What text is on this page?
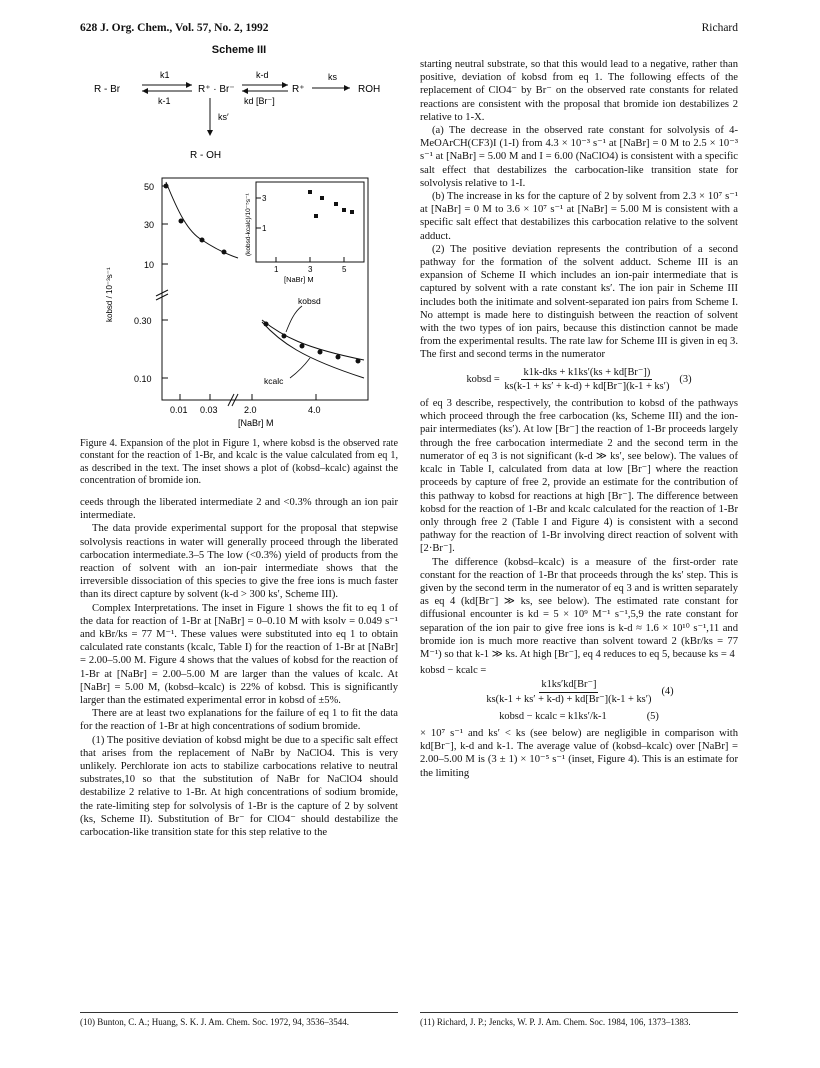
628 J. Org. Chem., Vol. 57, No. 2, 1992	Richard
Scheme III
R - Br
k1
k-1
R⁺ · Br⁻
k-d
kd [Br⁻]
R⁺
ks
ROH
ks′
R - OH
50
30
10
0.30
0.10
kobsd / 10⁻³s⁻¹
0.01 0.03	2.0	4.0
[NaBr] M
kobsd
kcalc
3
1
(kobsd-kcalc)/10⁻⁵s⁻¹
1	3	5
[NaBr] M
Figure 4. Expansion of the plot in Figure 1, where kobsd is the observed rate constant for the reaction of 1-Br, and kcalc is the value calculated from eq 1, as described in the text. The inset shows a plot of (kobsd–kcalc) against the concentration of bromide ion.

ceeds through the liberated intermediate 2 and <0.3% through an ion pair intermediate.

The data provide experimental support for the proposal that stepwise solvolysis reactions in water will generally proceed through the liberated carbocation intermediate.3–5 The low (<0.3%) yield of products from the reaction of solvent with an ion-pair intermediate shows that the irreversible dissociation of this species to give the free ions is much faster than its direct capture by solvent (k-d > 300 ks′, Scheme III).

Complex Interpretations. The inset in Figure 1 shows the fit to eq 1 of the data for reaction of 1-Br at [NaBr] = 0–0.10 M with ksolv = 0.049 s⁻¹ and kBr/ks = 77 M⁻¹. These values were substituted into eq 1 to obtain calculated rate constants (kcalc, Table I) for the reaction of 1-Br at [NaBr] = 2.00–5.00 M. Figure 4 shows that the values of kobsd for the reaction of 1-Br at [NaBr] = 2.00–5.00 M are larger than the values of kcalc. At [NaBr] = 5.00 M, (kobsd–kcalc) is 22% of kobsd. This is significantly larger than the estimated experimental error in kobsd of ±5%.

There are at least two explanations for the failure of eq 1 to fit the data for the reaction of 1-Br at high concentrations of sodium bromide.

(1) The positive deviation of kobsd might be due to a specific salt effect that arises from the replacement of NaBr by NaClO4. This is very unlikely. Perchlorate ion acts to stabilize carbocations relative to neutral substrates,10 so that the substitution of NaBr for NaClO4 should destabilize 2 relative to 1-Br. At high concentrations of sodium bromide, the rate-limiting step for solvolysis of 1-Br is the capture of 2 by solvent (ks, Scheme II). Substitution of Br⁻ for ClO4⁻ should destabilize the carbocation-like transition state for this step relative to the

starting neutral substrate, so that this would lead to a negative, rather than positive, deviation of kobsd from eq 1. The following effects of the replacement of ClO4⁻ by Br⁻ on the observed rate constants for related reactions are consistent with the proposal that bromide ion destabilizes 2 relative to 1-X.

(a) The decrease in the observed rate constant for solvolysis of 4-MeOArCH(CF3)I (1-I) from 4.3 × 10⁻³ s⁻¹ at [NaBr] = 0 M to 2.5 × 10⁻³ s⁻¹ at [NaBr] = 5.00 M and I = 6.00 (NaClO4) is consistent with a specific salt effect that destabilizes the carbocation-like transition state for solvolysis relative to 1-I.

(b) The increase in ks for the capture of 2 by solvent from 2.3 × 10⁷ s⁻¹ at [NaBr] = 0 M to 3.6 × 10⁷ s⁻¹ at [NaBr] = 5.00 M is consistent with a specific salt effect that destabilizes this carbocation relative to the solvent adduct.

(2) The positive deviation represents the contribution of a second pathway for the formation of the solvent adduct. Scheme III is an expansion of Scheme II which includes an ion-pair intermediate that is captured by solvent with a rate constant ks′. The ion pair in Scheme III includes both the initimate and solvent-separated ion pairs from Scheme I. No attempt is made here to distinguish between the reaction of solvent with the two types of ion pairs, because this distinction cannot be made from the experimental results. The rate law for Scheme III is given in eq 3. The first and second terms in the numerator

kobsd =
$\frac{\text{k1k-dks + k1ks′(ks + kd[Br⁻])}}{ks(k-1 + ks' + k-d) + kd[Br^-](k-1 + ks')} (3)$

of eq 3 describe, respectively, the contribution to kobsd of the pathways which proceed through the free carbocation (ks, Scheme III) and the ion-pair intermediates (ks′). At low [Br⁻] the reaction of 1-Br proceeds largely through the free carbocation intermediate 2 and the second term in the numerator of eq 3 is not significant (k-d ≫ ks′, see below). The values of kcalc in Table I, calculated from data at low [Br⁻] where the reaction proceeds by capture of free 2, provide an estimate for the contribution of this pathway to kobsd for reactions at high [Br⁻]. The difference between kobsd for the reaction of 1-Br and kcalc calculated for the reaction of 1-Br only through free 2 (Table I and Figure 4) is consistent with a second pathway for the reaction of 1-Br involving direct reaction of solvent with [2·Br⁻].

The difference (kobsd–kcalc) is a measure of the first-order rate constant for the reaction of 1-Br that proceeds through the ks′ step. This is given by the second term in the numerator of eq 3 and is written separately as eq 4 (kd[Br⁻] ≫ ks, see below). The estimated rate constant for diffusional encounter is kd = 5 × 10⁹ M⁻¹ s⁻¹,5,9 the rate constant for separation of the ion pair to give free ions is k-d ≈ 1.6 × 10¹⁰ s⁻¹,11 and bromide ion is much more reactive than solvent toward 2 (kBr/ks = 77 M⁻¹) so that k-1 ≫ ks. At high [Br⁻], eq 4 reduces to eq 5, because ks = 4

kobsd − kcalc =
$\frac{k1ks'kd[Br^-]}{ks(k-1 + ks' + k-d) + kd[Br^-](k-1 + ks')} (4)$
kobsd − kcalc = k1ks′/k-1	(5)

× 10⁷ s⁻¹ and ks′ < ks (see below) are negligible in comparison with kd[Br⁻], k-d and k-1. The average value of (kobsd–kcalc) over [NaBr] = 2.00–5.00 M is (3 ± 1) × 10⁻⁵ s⁻¹ (inset, Figure 4). This is an estimate for the limiting

(10) Bunton, C. A.; Huang, S. K. J. Am. Chem. Soc. 1972, 94, 3536–3544.	(11) Richard, J. P.; Jencks, W. P. J. Am. Chem. Soc. 1984, 106, 1373–1383.
